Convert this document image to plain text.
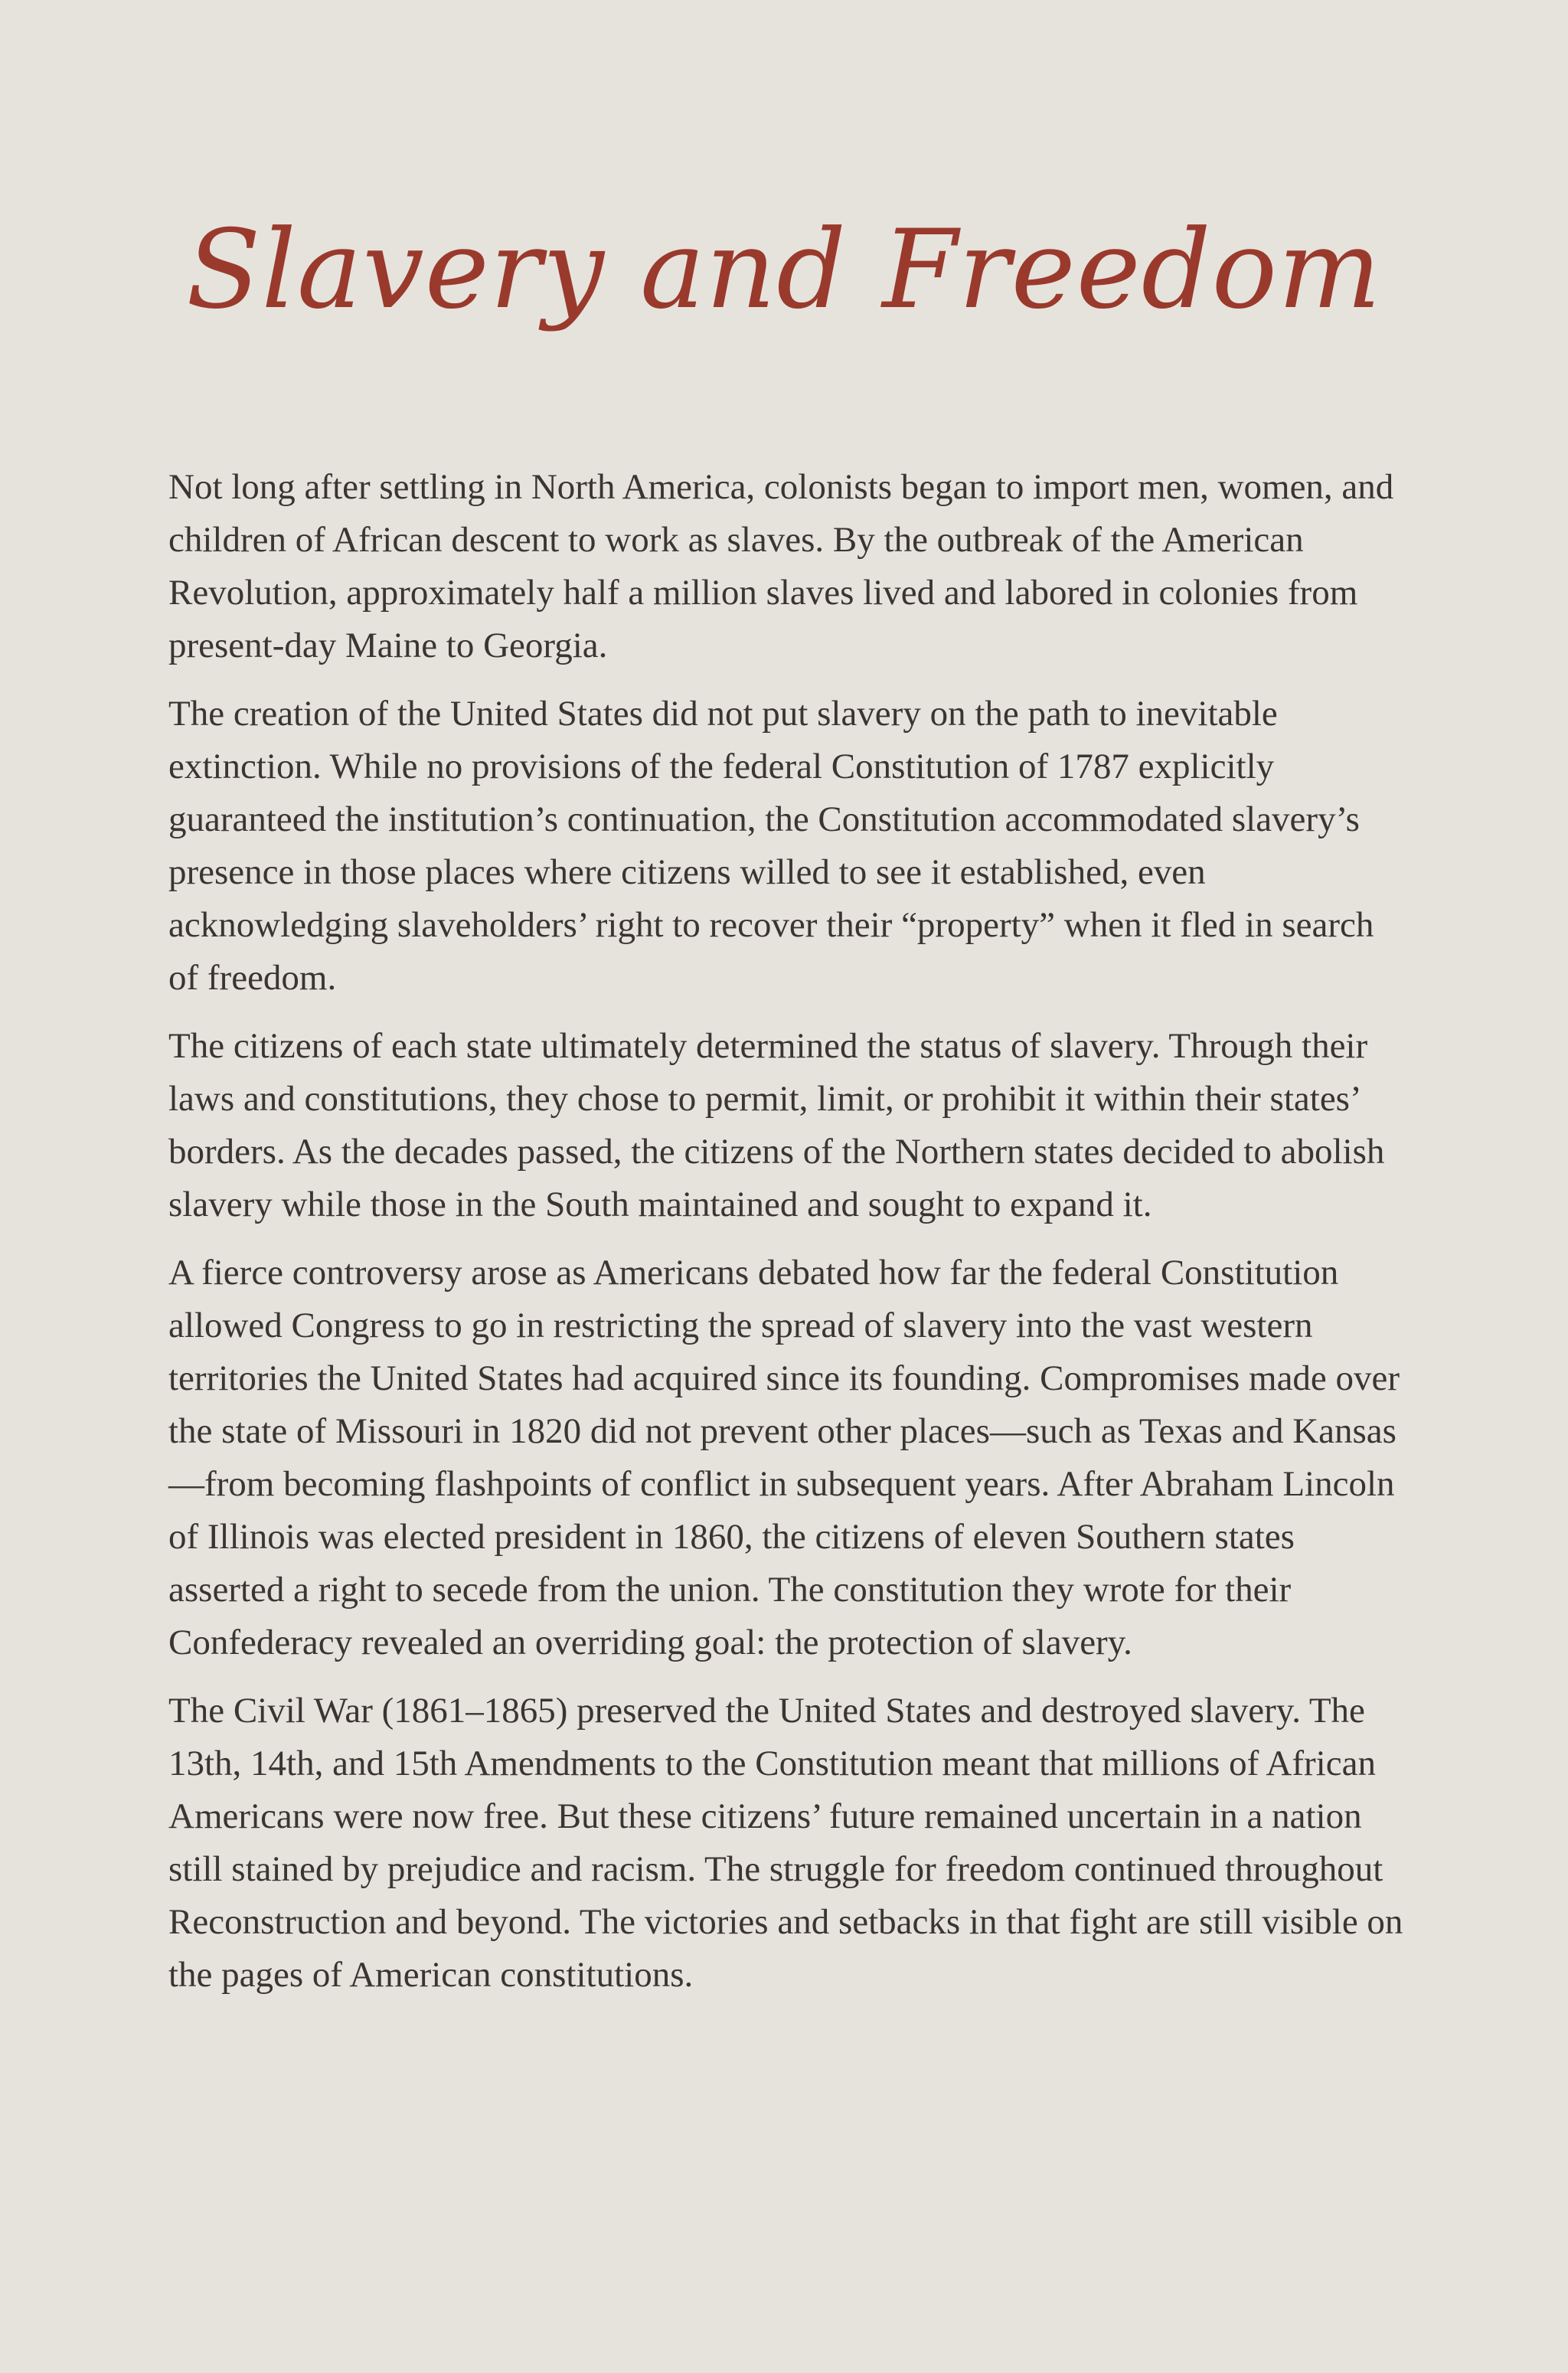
Slavery and Freedom

Not long after settling in North America, colonists began to import men, women, and children of African descent to work as slaves. By the outbreak of the American Revolution, approximately half a million slaves lived and labored in colonies from present-day Maine to Georgia.

The creation of the United States did not put slavery on the path to inevitable extinction. While no provisions of the federal Constitution of 1787 explicitly guaranteed the institution’s continuation, the Constitution accommodated slavery’s presence in those places where citizens willed to see it established, even acknowledging slaveholders’ right to recover their “property” when it fled in search of freedom.

The citizens of each state ultimately determined the status of slavery. Through their laws and constitutions, they chose to permit, limit, or prohibit it within their states’ borders. As the decades passed, the citizens of the Northern states decided to abolish slavery while those in the South maintained and sought to expand it.

A fierce controversy arose as Americans debated how far the federal Constitution allowed Congress to go in restricting the spread of slavery into the vast western territories the United States had acquired since its founding. Compromises made over the state of Missouri in 1820 did not prevent other places—such as Texas and Kansas—from becoming flashpoints of conflict in subsequent years. After Abraham Lincoln of Illinois was elected president in 1860, the citizens of eleven Southern states asserted a right to secede from the union. The constitution they wrote for their Confederacy revealed an overriding goal: the protection of slavery.

The Civil War (1861–1865) preserved the United States and destroyed slavery. The 13th, 14th, and 15th Amendments to the Constitution meant that millions of African Americans were now free. But these citizens’ future remained uncertain in a nation still stained by prejudice and racism. The struggle for freedom continued throughout Reconstruction and beyond. The victories and setbacks in that fight are still visible on the pages of American constitutions.
